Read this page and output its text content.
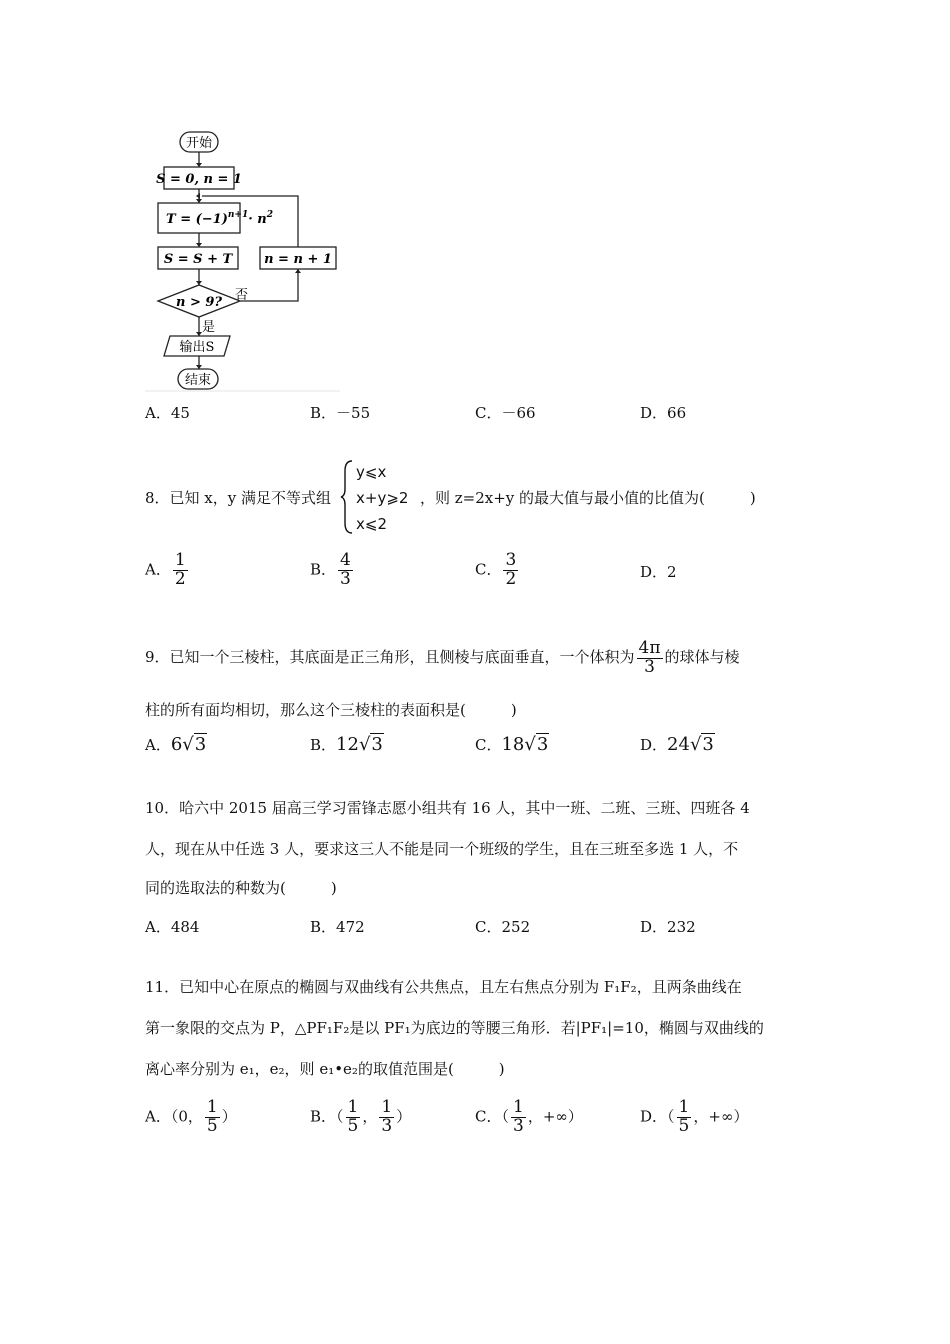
开始
S = 0, n = 1
$T = (-1)^{n+1}\cdot n^2$
S = S + T n = n + 1
n > 9? 否
是
输出S
结束
A．45	B．－55	C．－66	D．66
8．已知 x，y 满足不等式组
y⩽x
x+y⩾2
x⩽2
，则 z=2x+y 的最大值与最小值的比值为(　　　)
A． $\frac{1}{2}$	B． $\frac{4}{3}$	C． $\frac{3}{2}$	D．2
9．已知一个三棱柱，其底面是正三角形，且侧棱与底面垂直，一个体积为 $\frac{4\pi}{3}$ 的球体与棱
柱的所有面均相切，那么这个三棱柱的表面积是(　　　)
A．6√3	B．12√3	C．18√3	D．24√3
10．哈六中 2015 届高三学习雷锋志愿小组共有 16 人，其中一班、二班、三班、四班各 4
人，现在从中任选 3 人，要求这三人不能是同一个班级的学生，且在三班至多选 1 人，不
同的选取法的种数为(　　　)
A．484	B．472	C．252	D．232
11．已知中心在原点的椭圆与双曲线有公共焦点，且左右焦点分别为 F₁F₂，且两条曲线在
第一象限的交点为 P，△PF₁F₂是以 PF₁为底边的等腰三角形．若|PF₁|=10，椭圆与双曲线的
离心率分别为 e₁，e₂，则 e₁•e₂的取值范围是(　　　)
A．（0， $\frac{1}{5}$ ）	B．（ $\frac{1}{5}$ ， $\frac{1}{3}$ ）	C．（ $\frac{1}{3}$ ，+∞）	D．（ $\frac{1}{5}$ ，+∞）
